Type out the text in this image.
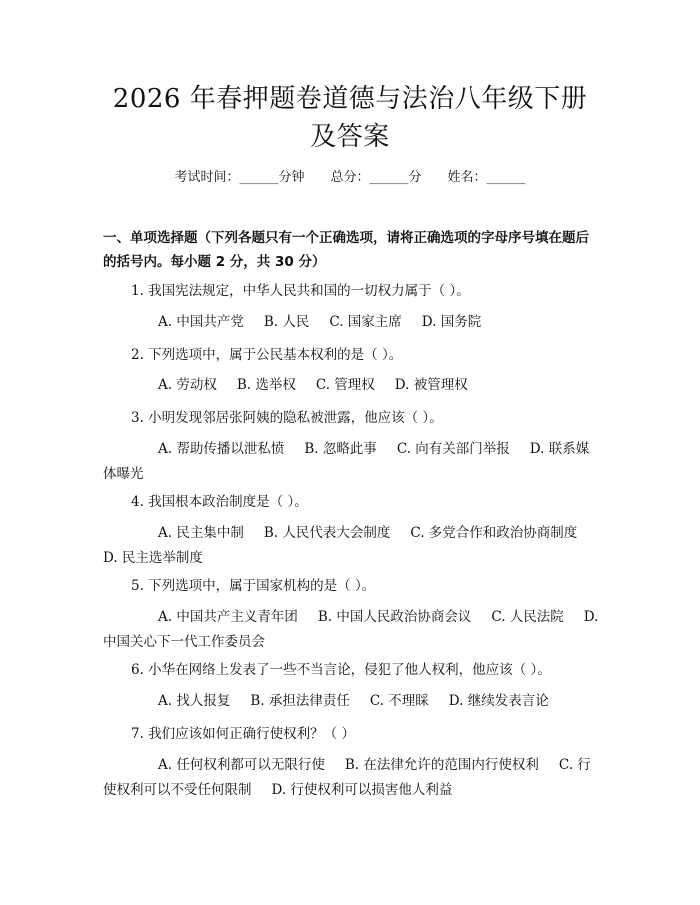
2026 年春押题卷道德与法治八年级下册及答案
考试时间：______分钟 总分：______分 姓名：______
一、单项选择题（下列各题只有一个正确选项，请将正确选项的字母序号填在题后的括号内。每小题 2 分，共 30 分）
1. 我国宪法规定，中华人民共和国的一切权力属于（ ）。
A. 中国共产党 B. 人民 C. 国家主席 D. 国务院
2. 下列选项中，属于公民基本权利的是（ ）。
A. 劳动权 B. 选举权 C. 管理权 D. 被管理权
3. 小明发现邻居张阿姨的隐私被泄露，他应该（ ）。
A. 帮助传播以泄私愤 B. 忽略此事 C. 向有关部门举报 D. 联系媒体曝光
4. 我国根本政治制度是（ ）。
A. 民主集中制 B. 人民代表大会制度 C. 多党合作和政治协商制度D. 民主选举制度
5. 下列选项中，属于国家机构的是（ ）。
A. 中国共产主义青年团 B. 中国人民政治协商会议 C. 人民法院 D. 中国关心下一代工作委员会
6. 小华在网络上发表了一些不当言论，侵犯了他人权利，他应该（ ）。
A. 找人报复 B. 承担法律责任 C. 不理睬 D. 继续发表言论
7. 我们应该如何正确行使权利？（ ）
A. 任何权利都可以无限行使 B. 在法律允许的范围内行使权利 C. 行使权利可以不受任何限制 D. 行使权利可以损害他人利益
